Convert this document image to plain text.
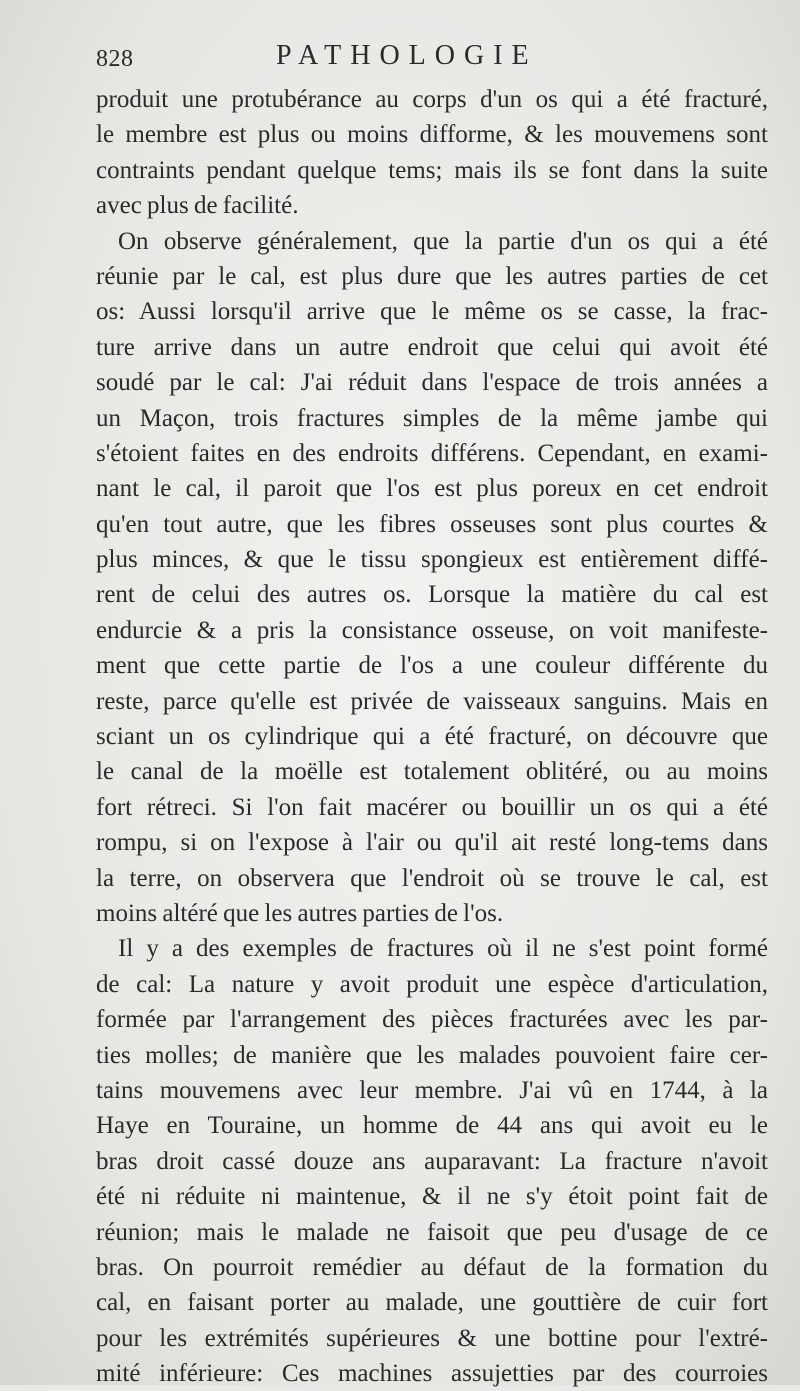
828	PATHOLOGIE
produit une protubérance au corps d'un os qui a été fracturé,
le membre est plus ou moins difforme, & les mouvemens sont
contraints pendant quelque tems; mais ils se font dans la suite
avec plus de facilité.
On observe généralement, que la partie d'un os qui a été
réunie par le cal, est plus dure que les autres parties de cet
os: Aussi lorsqu'il arrive que le même os se casse, la frac-
ture arrive dans un autre endroit que celui qui avoit été
soudé par le cal: J'ai réduit dans l'espace de trois années a
un Maçon, trois fractures simples de la même jambe qui
s'étoient faites en des endroits différens. Cependant, en exami-
nant le cal, il paroit que l'os est plus poreux en cet endroit
qu'en tout autre, que les fibres osseuses sont plus courtes &
plus minces, & que le tissu spongieux est entièrement diffé-
rent de celui des autres os. Lorsque la matière du cal est
endurcie & a pris la consistance osseuse, on voit manifeste-
ment que cette partie de l'os a une couleur différente du
reste, parce qu'elle est privée de vaisseaux sanguins. Mais en
sciant un os cylindrique qui a été fracturé, on découvre que
le canal de la moëlle est totalement oblitéré, ou au moins
fort rétreci. Si l'on fait macérer ou bouillir un os qui a été
rompu, si on l'expose à l'air ou qu'il ait resté long-tems dans
la terre, on observera que l'endroit où se trouve le cal, est
moins altéré que les autres parties de l'os.
Il y a des exemples de fractures où il ne s'est point formé
de cal: La nature y avoit produit une espèce d'articulation,
formée par l'arrangement des pièces fracturées avec les par-
ties molles; de manière que les malades pouvoient faire cer-
tains mouvemens avec leur membre. J'ai vû en 1744, à la
Haye en Touraine, un homme de 44 ans qui avoit eu le
bras droit cassé douze ans auparavant: La fracture n'avoit
été ni réduite ni maintenue, & il ne s'y étoit point fait de
réunion; mais le malade ne faisoit que peu d'usage de ce
bras. On pourroit remédier au défaut de la formation du
cal, en faisant porter au malade, une gouttière de cuir fort
pour les extrémités supérieures & une bottine pour l'extré-
mité inférieure: Ces machines assujetties par des courroies
